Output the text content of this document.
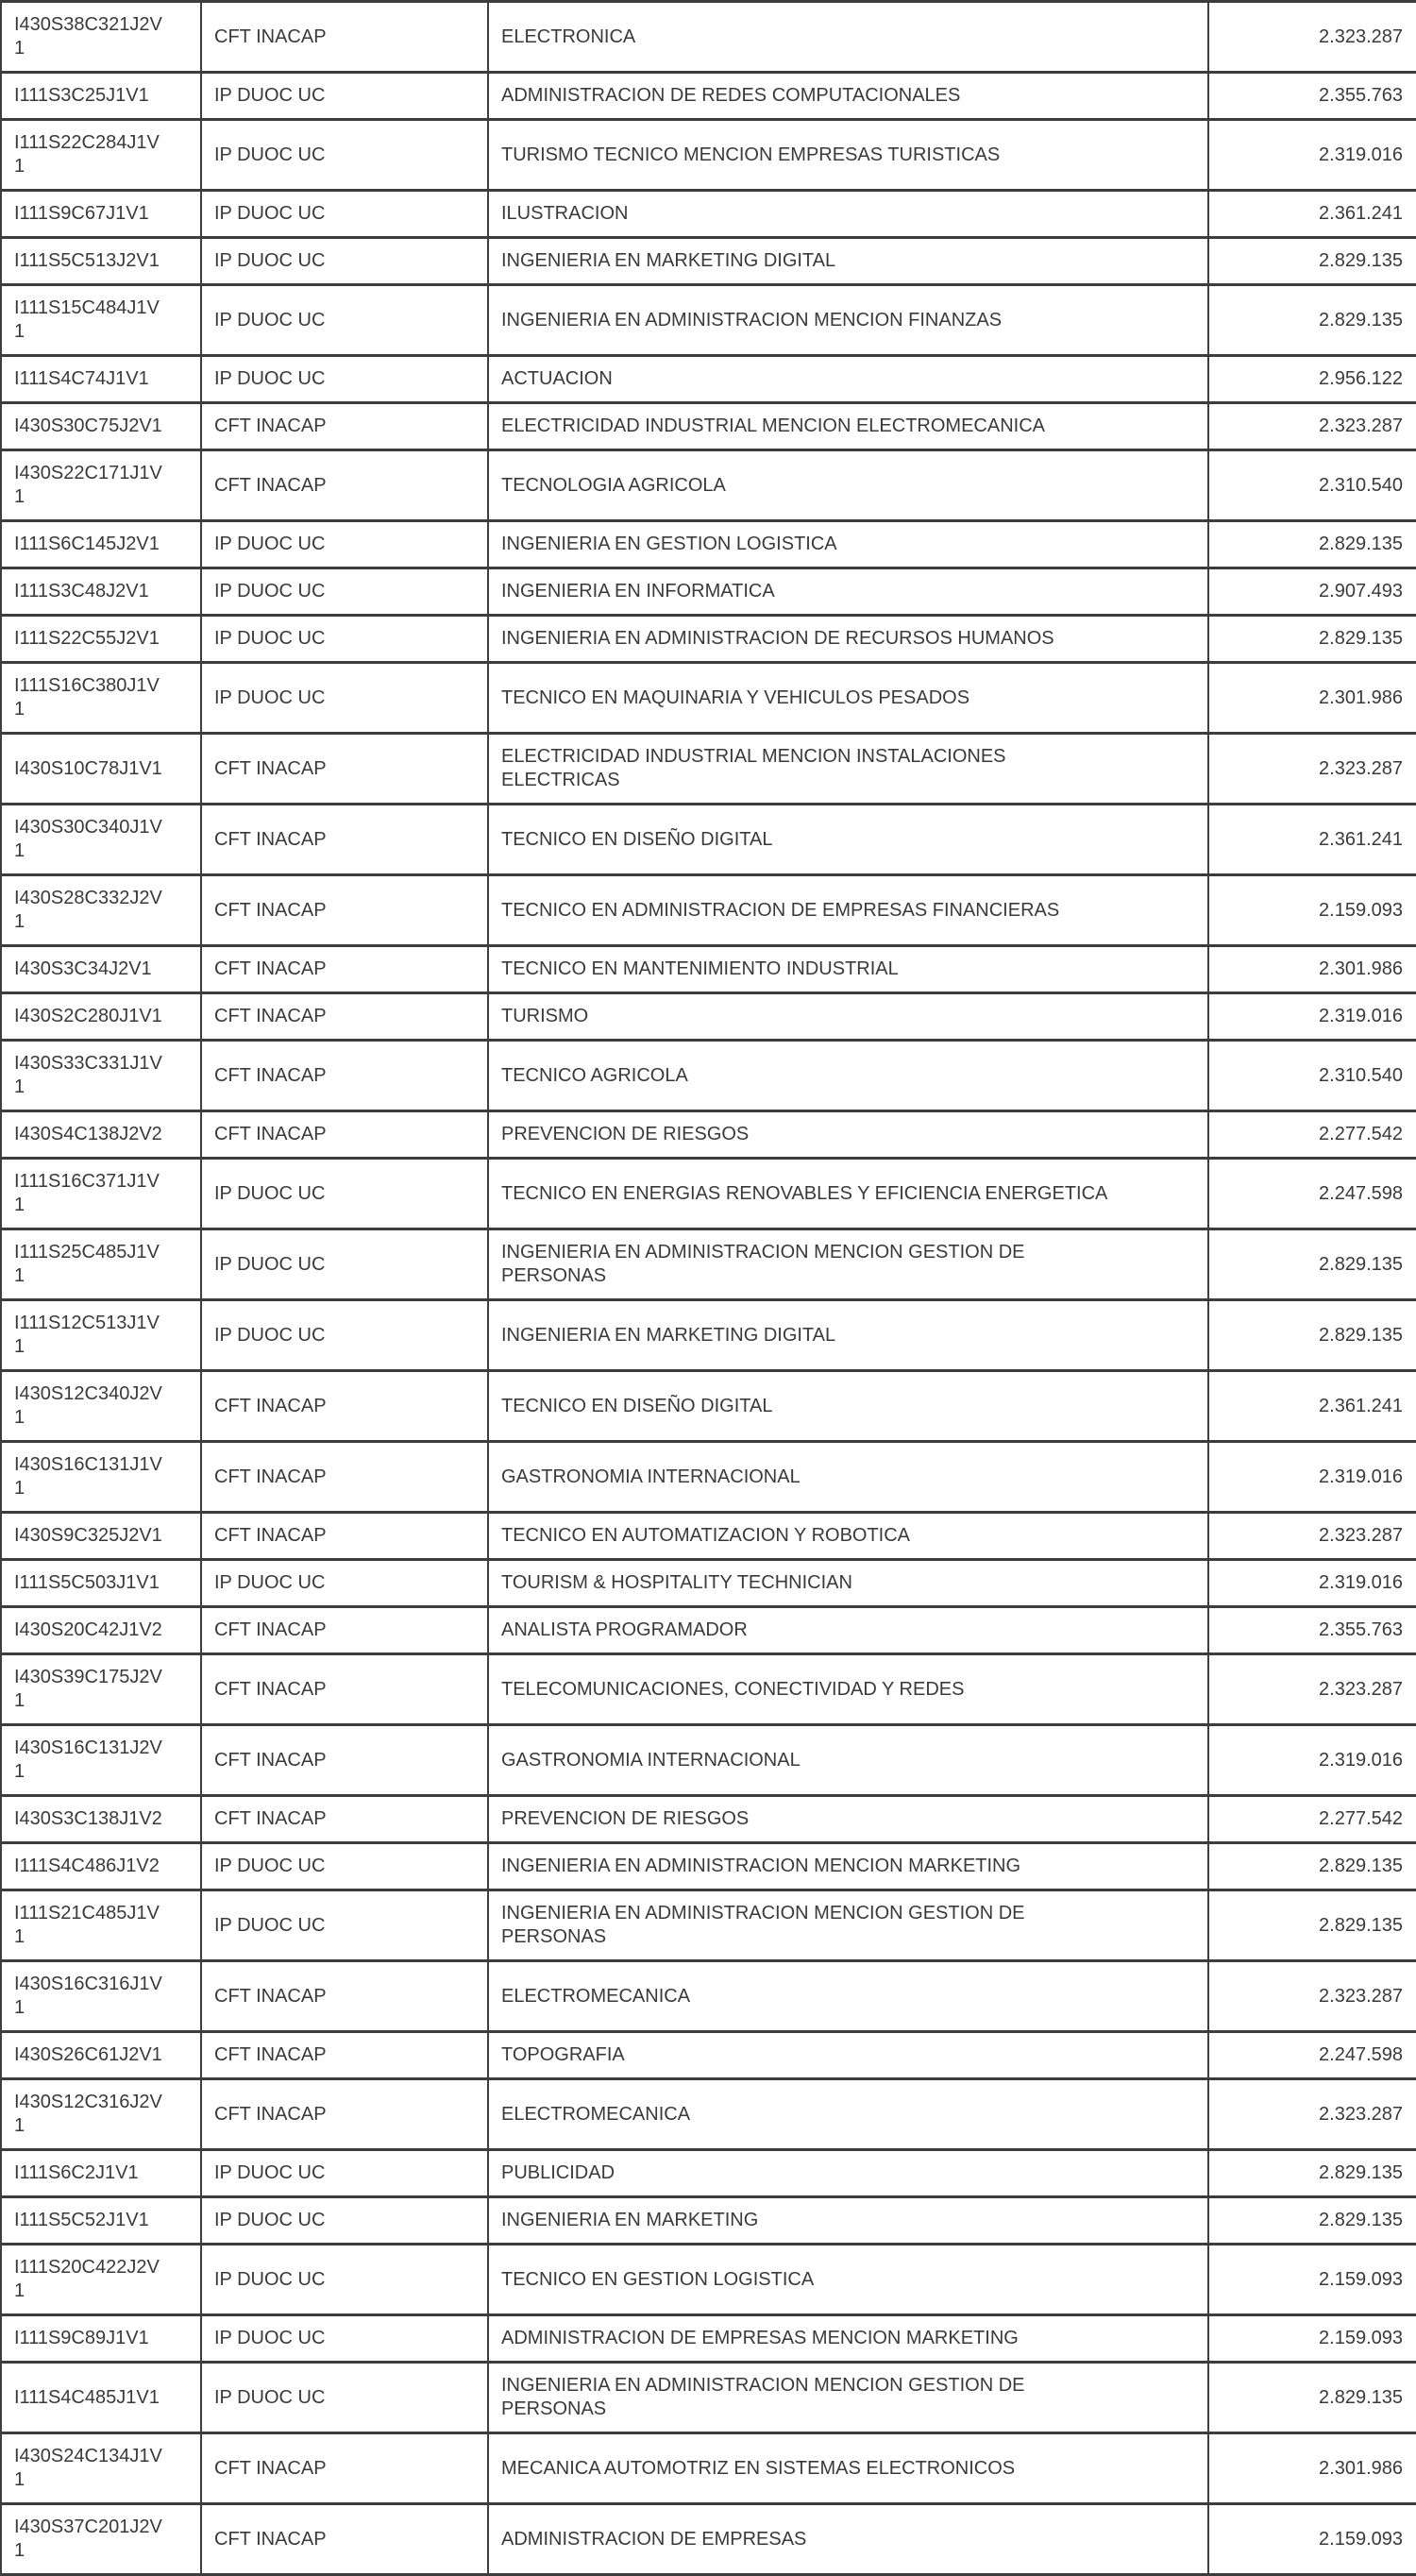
I430S38C321J2V1	CFT INACAP	ELECTRONICA	2.323.287
I111S3C25J1V1	IP DUOC UC	ADMINISTRACION DE REDES COMPUTACIONALES	2.355.763
I111S22C284J1V1	IP DUOC UC	TURISMO TECNICO MENCION EMPRESAS TURISTICAS	2.319.016
I111S9C67J1V1	IP DUOC UC	ILUSTRACION	2.361.241
I111S5C513J2V1	IP DUOC UC	INGENIERIA EN MARKETING DIGITAL	2.829.135
I111S15C484J1V1	IP DUOC UC	INGENIERIA EN ADMINISTRACION MENCION FINANZAS	2.829.135
I111S4C74J1V1	IP DUOC UC	ACTUACION	2.956.122
I430S30C75J2V1	CFT INACAP	ELECTRICIDAD INDUSTRIAL MENCION ELECTROMECANICA	2.323.287
I430S22C171J1V1	CFT INACAP	TECNOLOGIA AGRICOLA	2.310.540
I111S6C145J2V1	IP DUOC UC	INGENIERIA EN GESTION LOGISTICA	2.829.135
I111S3C48J2V1	IP DUOC UC	INGENIERIA EN INFORMATICA	2.907.493
I111S22C55J2V1	IP DUOC UC	INGENIERIA EN ADMINISTRACION DE RECURSOS HUMANOS	2.829.135
I111S16C380J1V1	IP DUOC UC	TECNICO EN MAQUINARIA Y VEHICULOS PESADOS	2.301.986
I430S10C78J1V1	CFT INACAP	ELECTRICIDAD INDUSTRIAL MENCION INSTALACIONES ELECTRICAS	2.323.287
I430S30C340J1V1	CFT INACAP	TECNICO EN DISEÑO DIGITAL	2.361.241
I430S28C332J2V1	CFT INACAP	TECNICO EN ADMINISTRACION DE EMPRESAS FINANCIERAS	2.159.093
I430S3C34J2V1	CFT INACAP	TECNICO EN MANTENIMIENTO INDUSTRIAL	2.301.986
I430S2C280J1V1	CFT INACAP	TURISMO	2.319.016
I430S33C331J1V1	CFT INACAP	TECNICO AGRICOLA	2.310.540
I430S4C138J2V2	CFT INACAP	PREVENCION DE RIESGOS	2.277.542
I111S16C371J1V1	IP DUOC UC	TECNICO EN ENERGIAS RENOVABLES Y EFICIENCIA ENERGETICA	2.247.598
I111S25C485J1V1	IP DUOC UC	INGENIERIA EN ADMINISTRACION MENCION GESTION DE PERSONAS	2.829.135
I111S12C513J1V1	IP DUOC UC	INGENIERIA EN MARKETING DIGITAL	2.829.135
I430S12C340J2V1	CFT INACAP	TECNICO EN DISEÑO DIGITAL	2.361.241
I430S16C131J1V1	CFT INACAP	GASTRONOMIA INTERNACIONAL	2.319.016
I430S9C325J2V1	CFT INACAP	TECNICO EN AUTOMATIZACION Y ROBOTICA	2.323.287
I111S5C503J1V1	IP DUOC UC	TOURISM & HOSPITALITY TECHNICIAN	2.319.016
I430S20C42J1V2	CFT INACAP	ANALISTA PROGRAMADOR	2.355.763
I430S39C175J2V1	CFT INACAP	TELECOMUNICACIONES, CONECTIVIDAD Y REDES	2.323.287
I430S16C131J2V1	CFT INACAP	GASTRONOMIA INTERNACIONAL	2.319.016
I430S3C138J1V2	CFT INACAP	PREVENCION DE RIESGOS	2.277.542
I111S4C486J1V2	IP DUOC UC	INGENIERIA EN ADMINISTRACION MENCION MARKETING	2.829.135
I111S21C485J1V1	IP DUOC UC	INGENIERIA EN ADMINISTRACION MENCION GESTION DE PERSONAS	2.829.135
I430S16C316J1V1	CFT INACAP	ELECTROMECANICA	2.323.287
I430S26C61J2V1	CFT INACAP	TOPOGRAFIA	2.247.598
I430S12C316J2V1	CFT INACAP	ELECTROMECANICA	2.323.287
I111S6C2J1V1	IP DUOC UC	PUBLICIDAD	2.829.135
I111S5C52J1V1	IP DUOC UC	INGENIERIA EN MARKETING	2.829.135
I111S20C422J2V1	IP DUOC UC	TECNICO EN GESTION LOGISTICA	2.159.093
I111S9C89J1V1	IP DUOC UC	ADMINISTRACION DE EMPRESAS MENCION MARKETING	2.159.093
I111S4C485J1V1	IP DUOC UC	INGENIERIA EN ADMINISTRACION MENCION GESTION DE PERSONAS	2.829.135
I430S24C134J1V1	CFT INACAP	MECANICA AUTOMOTRIZ EN SISTEMAS ELECTRONICOS	2.301.986
I430S37C201J2V1	CFT INACAP	ADMINISTRACION DE EMPRESAS	2.159.093
